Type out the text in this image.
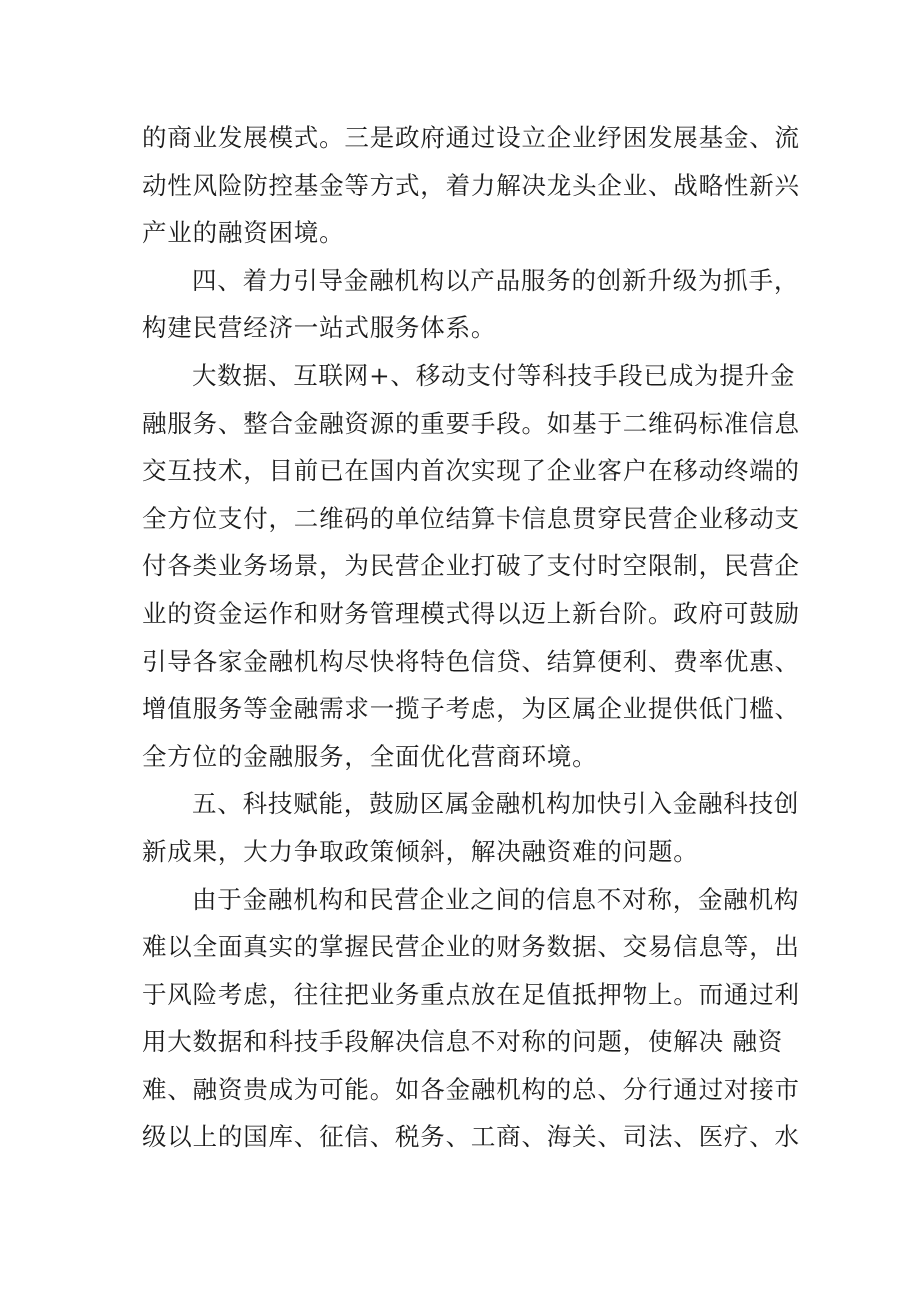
的商业发展模式。三是政府通过设立企业纾困发展基金、流
动性风险防控基金等方式，着力解决龙头企业、战略性新兴
产业的融资困境。
四、着力引导金融机构以产品服务的创新升级为抓手，
构建民营经济一站式服务体系。
大数据、互联网+、移动支付等科技手段已成为提升金
融服务、整合金融资源的重要手段。如基于二维码标准信息
交互技术，目前已在国内首次实现了企业客户在移动终端的
全方位支付，二维码的单位结算卡信息贯穿民营企业移动支
付各类业务场景，为民营企业打破了支付时空限制，民营企
业的资金运作和财务管理模式得以迈上新台阶。政府可鼓励
引导各家金融机构尽快将特色信贷、结算便利、费率优惠、
增值服务等金融需求一揽子考虑，为区属企业提供低门槛、
全方位的金融服务，全面优化营商环境。
五、科技赋能，鼓励区属金融机构加快引入金融科技创
新成果，大力争取政策倾斜，解决融资难的问题。
由于金融机构和民营企业之间的信息不对称，金融机构
难以全面真实的掌握民营企业的财务数据、交易信息等，出
于风险考虑，往往把业务重点放在足值抵押物上。而通过利
用大数据和科技手段解决信息不对称的问题，使解决 融资
难、融资贵成为可能。如各金融机构的总、分行通过对接市
级以上的国库、征信、税务、工商、海关、司法、医疗、水
